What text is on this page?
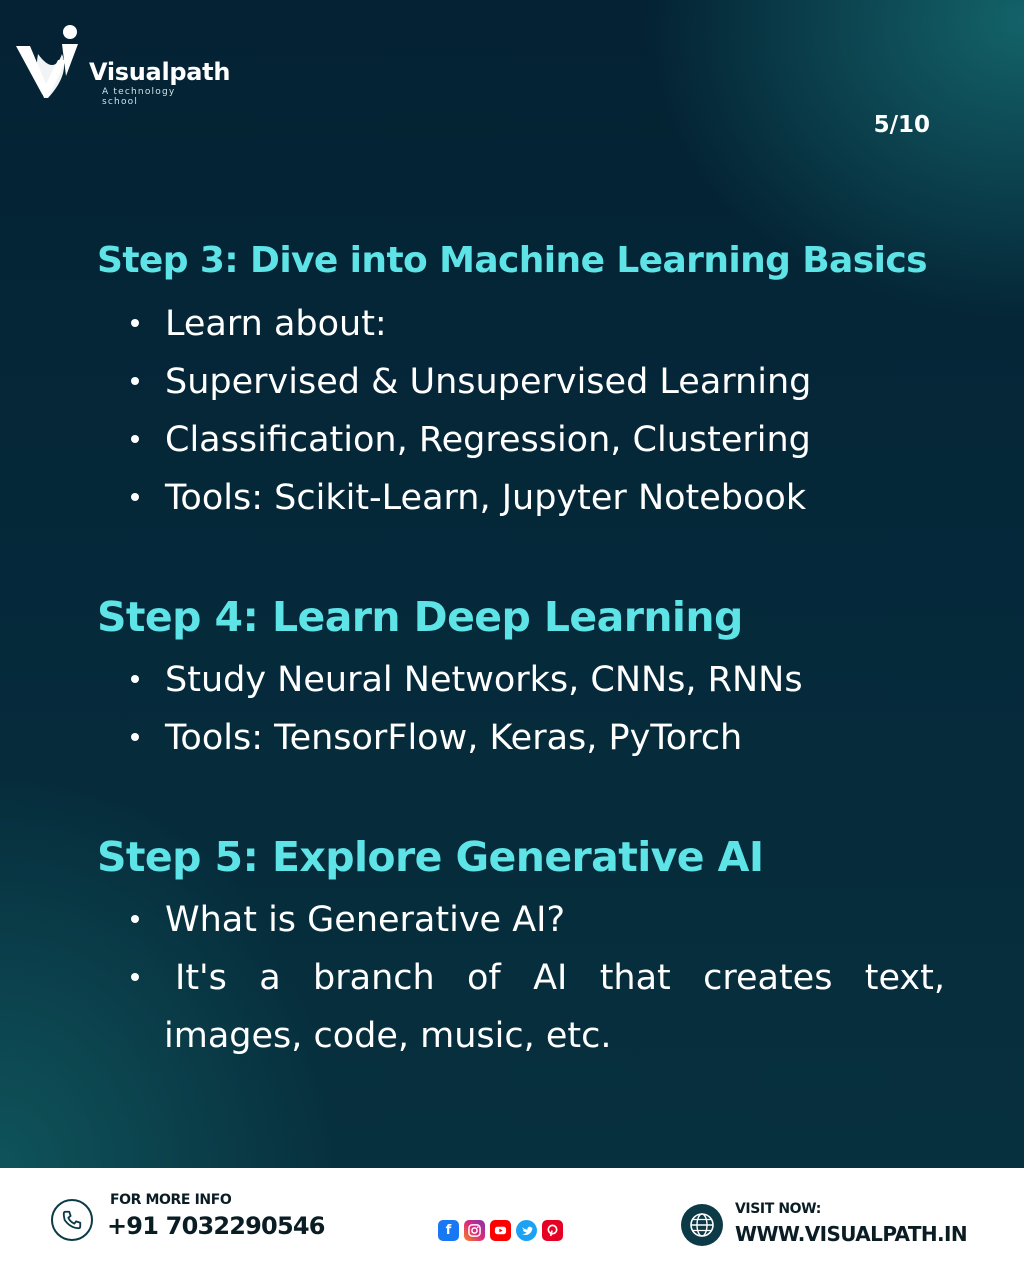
Visualpath
A technology school
5/10
Step 3: Dive into Machine Learning Basics
Learn about:
Supervised & Unsupervised Learning
Classification, Regression, Clustering
Tools: Scikit-Learn, Jupyter Notebook
Step 4: Learn Deep Learning
Study Neural Networks, CNNs, RNNs
Tools: TensorFlow, Keras, PyTorch
Step 5: Explore Generative AI
What is Generative AI?
It's a branch of AI that creates text,
images, code, music, etc.
FOR MORE INFO
+91 7032290546	f
VISIT NOW:
WWW.VISUALPATH.IN
